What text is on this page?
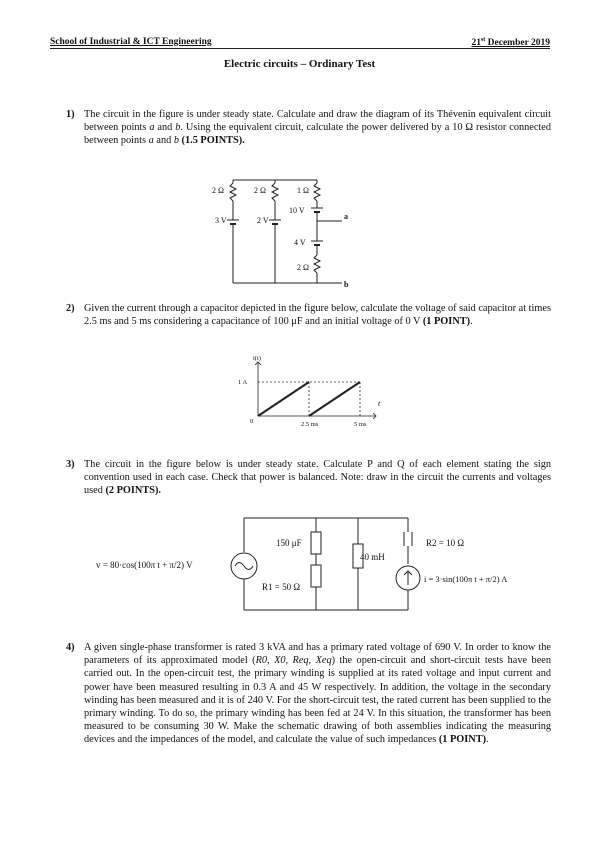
School of Industrial & ICT Engineering	21st December 2019
Electric circuits – Ordinary Test
1) The circuit in the figure is under steady state. Calculate and draw the diagram of its Thévenin equivalent circuit between points a and b. Using the equivalent circuit, calculate the power delivered by a 10 Ω resistor connected between points a and b (1.5 POINTS).
2 Ω	2 Ω	1 Ω
3 V	2 V
10 V
4 V
2 Ω
a
b
2) Given the current through a capacitor depicted in the figure below, calculate the voltage of said capacitor at times 2.5 ms and 5 ms considering a capacitance of 100 μF and an initial voltage of 0 V (1 POINT).
i(t)
1 A
0
t
2.5 ms	5 ms
3) The circuit in the figure below is under steady state. Calculate P and Q of each element stating the sign convention used in each case. Check that power is balanced. Note: draw in the circuit the currents and voltages used (2 POINTS).
v = 80·cos(100π t + π/2) V
150 μF
R1 = 50 Ω
40 mH
R2 = 10 Ω
i = 3·sin(100π t + π/2) A
4) A given single-phase transformer is rated 3 kVA and has a primary rated voltage of 690 V. In order to know the parameters of its approximated model (R0, X0, Req, Xeq) the open-circuit and short-circuit tests have been carried out. In the open-circuit test, the primary winding is supplied at its rated voltage and input current and power have been measured resulting in 0.3 A and 45 W respectively. In addition, the voltage in the secondary winding has been measured and it is of 240 V. For the short-circuit test, the rated current has been supplied to the primary winding. To do so, the primary winding has been fed at 24 V. In this situation, the transformer has been measured to be consuming 30 W. Make the schematic drawing of both assemblies indicating the measuring devices and the impedances of the model, and calculate the value of such impedances (1 POINT).
